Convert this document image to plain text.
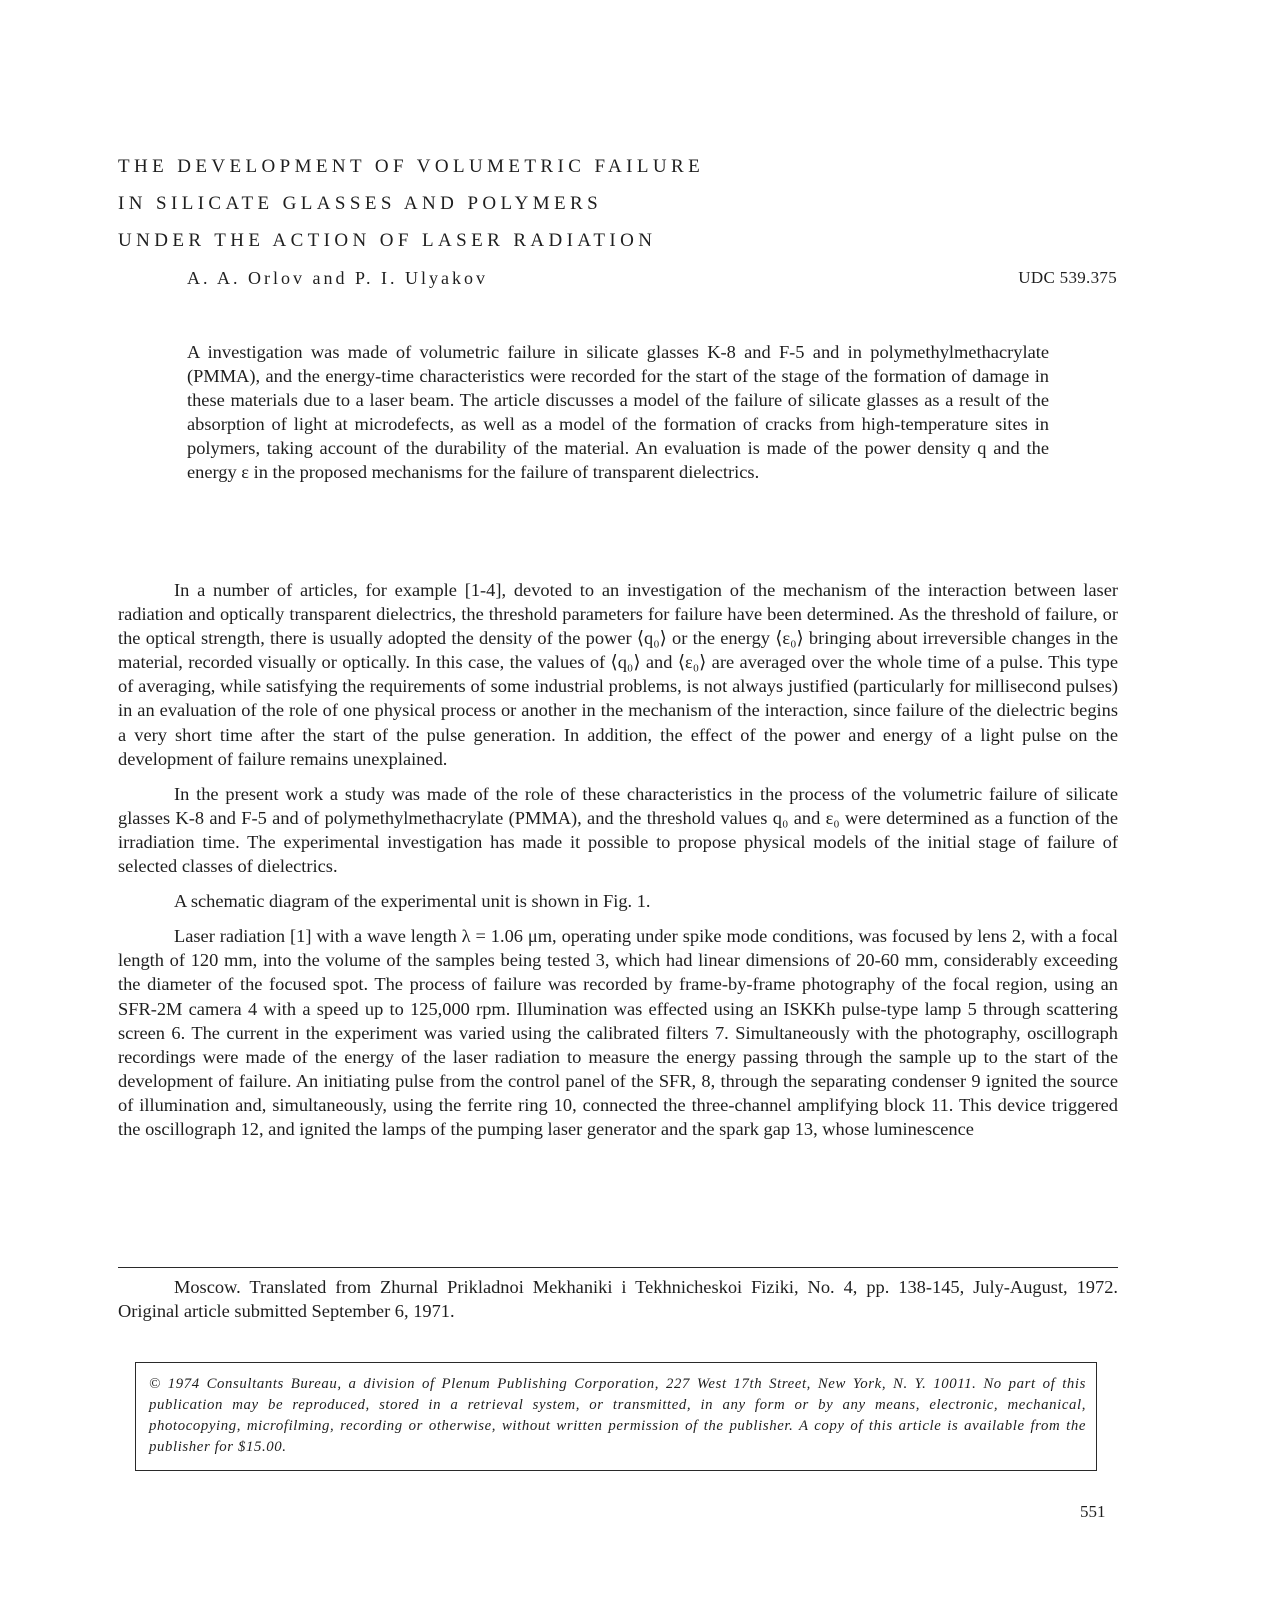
THE DEVELOPMENT OF VOLUMETRIC FAILURE
IN SILICATE GLASSES AND POLYMERS
UNDER THE ACTION OF LASER RADIATION
A. A. Orlov and P. I. Ulyakov	UDC 539.375
A investigation was made of volumetric failure in silicate glasses K-8 and F-5 and in polymethylmethacrylate (PMMA), and the energy-time characteristics were recorded for the start of the stage of the formation of damage in these materials due to a laser beam. The article discusses a model of the failure of silicate glasses as a result of the absorption of light at microdefects, as well as a model of the formation of cracks from high-temperature sites in polymers, taking account of the durability of the material. An evaluation is made of the power density q and the energy ε in the proposed mechanisms for the failure of transparent dielectrics.

In a number of articles, for example [1-4], devoted to an investigation of the mechanism of the interaction between laser radiation and optically transparent dielectrics, the threshold parameters for failure have been determined. As the threshold of failure, or the optical strength, there is usually adopted the density of the power ⟨q₀⟩ or the energy ⟨ε₀⟩ bringing about irreversible changes in the material, recorded visually or optically. In this case, the values of ⟨q₀⟩ and ⟨ε₀⟩ are averaged over the whole time of a pulse. This type of averaging, while satisfying the requirements of some industrial problems, is not always justified (particularly for millisecond pulses) in an evaluation of the role of one physical process or another in the mechanism of the interaction, since failure of the dielectric begins a very short time after the start of the pulse generation. In addition, the effect of the power and energy of a light pulse on the development of failure remains unexplained.

In the present work a study was made of the role of these characteristics in the process of the volumetric failure of silicate glasses K-8 and F-5 and of polymethylmethacrylate (PMMA), and the threshold values q₀ and ε₀ were determined as a function of the irradiation time. The experimental investigation has made it possible to propose physical models of the initial stage of failure of selected classes of dielectrics.

A schematic diagram of the experimental unit is shown in Fig. 1.

Laser radiation [1] with a wave length λ = 1.06 μm, operating under spike mode conditions, was focused by lens 2, with a focal length of 120 mm, into the volume of the samples being tested 3, which had linear dimensions of 20-60 mm, considerably exceeding the diameter of the focused spot. The process of failure was recorded by frame-by-frame photography of the focal region, using an SFR-2M camera 4 with a speed up to 125,000 rpm. Illumination was effected using an ISKKh pulse-type lamp 5 through scattering screen 6. The current in the experiment was varied using the calibrated filters 7. Simultaneously with the photography, oscillograph recordings were made of the energy of the laser radiation to measure the energy passing through the sample up to the start of the development of failure. An initiating pulse from the control panel of the SFR, 8, through the separating condenser 9 ignited the source of illumination and, simultaneously, using the ferrite ring 10, connected the three-channel amplifying block 11. This device triggered the oscillograph 12, and ignited the lamps of the pumping laser generator and the spark gap 13, whose luminescence

Moscow. Translated from Zhurnal Prikladnoi Mekhaniki i Tekhnicheskoi Fiziki, No. 4, pp. 138-145, July-August, 1972. Original article submitted September 6, 1971.
© 1974 Consultants Bureau, a division of Plenum Publishing Corporation, 227 West 17th Street, New York, N. Y. 10011. No part of this publication may be reproduced, stored in a retrieval system, or transmitted, in any form or by any means, electronic, mechanical, photocopying, microfilming, recording or otherwise, without written permission of the publisher. A copy of this article is available from the publisher for $15.00.
551
